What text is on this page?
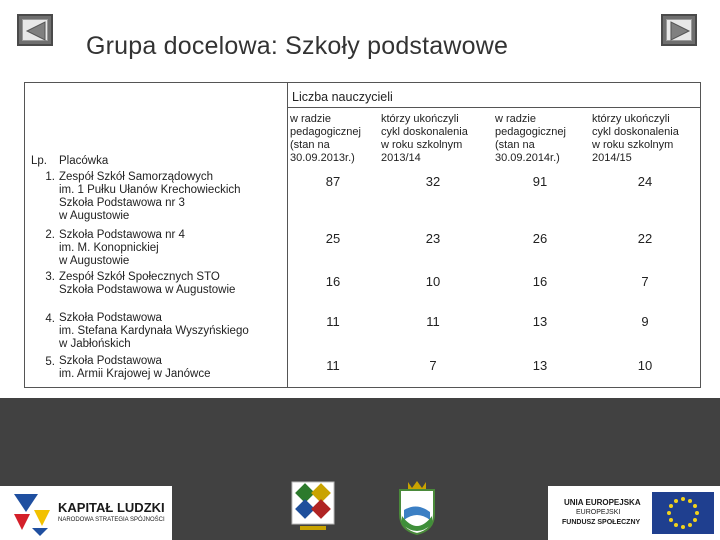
Grupa docelowa: Szkoły podstawowe
Liczba nauczycieli
w radzie
pedagogicznej
(stan na
30.09.2013r.)
którzy ukończyli
cykl doskonalenia
w roku szkolnym
2013/14
w radzie
pedagogicznej
(stan na
30.09.2014r.)
którzy ukończyli
cykl doskonalenia
w roku szkolnym
2014/15
Lp. Placówka
1. Zespół Szkół Samorządowych
im. 1 Pułku Ułanów Krechowieckich
Szkoła Podstawowa nr 3
w Augustowie
87	32	91	24
2. Szkoła Podstawowa nr 4
im. M. Konopnickiej
w Augustowie
25	23	26	22
3. Zespół Szkół Społecznych STO
Szkoła Podstawowa w Augustowie
16	10	16	7
4. Szkoła Podstawowa
im. Stefana Kardynała Wyszyńskiego
w Jabłońskich
11	11	13	9
5. Szkoła Podstawowa
im. Armii Krajowej w Janówce
11	7	13	10
KAPITAŁ LUDZKI
NARODOWA STRATEGIA SPÓJNOŚCI
UNIA EUROPEJSKA
EUROPEJSKI
FUNDUSZ SPOŁECZNY
